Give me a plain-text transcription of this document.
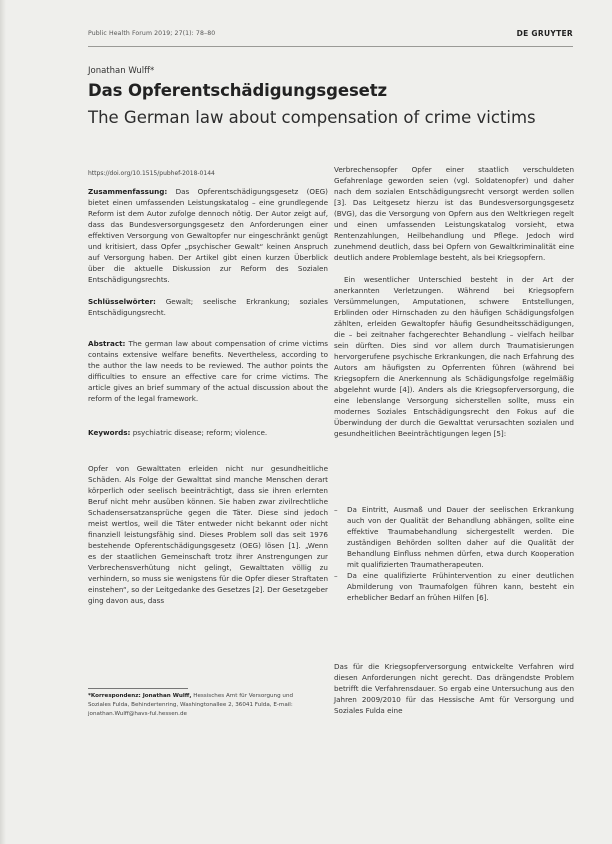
Public Health Forum 2019; 27(1): 78–80	DE GRUYTER
Jonathan Wulff*
Das Opferentschädigungsgesetz
The German law about compensation of crime victims
https://doi.org/10.1515/pubhef-2018-0144

Zusammenfassung: Das Opferentschädigungsgesetz (OEG) bietet einen umfassenden Leistungskatalog – eine grundlegende Reform ist dem Autor zufolge dennoch nötig. Der Autor zeigt auf, dass das Bundesversorgungsgesetz den Anforderungen einer effektiven Versorgung von Gewaltopfer nur eingeschränkt genügt und kritisiert, dass Opfer „psychischer Gewalt“ keinen Anspruch auf Versorgung haben. Der Artikel gibt einen kurzen Überblick über die aktuelle Diskussion zur Reform des Sozialen Entschädigungsrechts.

Schlüsselwörter: Gewalt; seelische Erkrankung; soziales Entschädigungsrecht.

Abstract: The german law about compensation of crime victims contains extensive welfare benefits. Nevertheless, according to the author the law needs to be reviewed. The author points the difficulties to ensure an effective care for crime victims. The article gives an brief summary of the actual discussion about the reform of the legal framework.

Keywords: psychiatric disease; reform; violence.

Opfer von Gewalttaten erleiden nicht nur gesundheitliche Schäden. Als Folge der Gewalttat sind manche Menschen derart körperlich oder seelisch beeinträchtigt, dass sie ihren erlernten Beruf nicht mehr ausüben können. Sie haben zwar zivilrechtliche Schadensersatzansprüche gegen die Täter. Diese sind jedoch meist wertlos, weil die Täter entweder nicht bekannt oder nicht finanziell leistungsfähig sind. Dieses Problem soll das seit 1976 bestehende Opferentschädigungsgesetz (OEG) lösen [1]. „Wenn es der staatlichen Gemeinschaft trotz ihrer Anstrengungen zur Verbrechensverhütung nicht gelingt, Gewalttaten völlig zu verhindern, so muss sie wenigstens für die Opfer dieser Straftaten einstehen“, so der Leitgedanke des Gesetzes [2]. Der Gesetzgeber ging davon aus, dass

*Korrespondenz: Jonathan Wulff, Hessisches Amt für Versorgung und Soziales Fulda, Behindertenring, Washingtonallee 2, 36041 Fulda, E-mail: jonathan.Wulff@havs-ful.hessen.de

Verbrechensopfer Opfer einer staatlich verschuldeten Gefahrenlage geworden seien (vgl. Soldatenopfer) und daher nach dem sozialen Entschädigungsrecht versorgt werden sollen [3]. Das Leitgesetz hierzu ist das Bundesversorgungsgesetz (BVG), das die Versorgung von Opfern aus den Weltkriegen regelt und einen umfassenden Leistungskatalog vorsieht, etwa Rentenzahlungen, Heilbehandlung und Pflege. Jedoch wird zunehmend deutlich, dass bei Opfern von Gewaltkriminalität eine deutlich andere Problemlage besteht, als bei Kriegsopfern.

Ein wesentlicher Unterschied besteht in der Art der anerkannten Verletzungen. Während bei Kriegsopfern Versümmelungen, Amputationen, schwere Entstellungen, Erblinden oder Hirnschaden zu den häufigen Schädigungsfolgen zählten, erleiden Gewaltopfer häufig Gesundheitsschädigungen, die – bei zeitnaher fachgerechter Behandlung – vielfach heilbar sein dürften. Dies sind vor allem durch Traumatisierungen hervorgerufene psychische Erkrankungen, die nach Erfahrung des Autors am häufigsten zu Opferrenten führen (während bei Kriegsopfern die Anerkennung als Schädigungsfolge regelmäßig abgelehnt wurde [4]). Anders als die Kriegsopferversorgung, die eine lebenslange Versorgung sicherstellen sollte, muss ein modernes Soziales Entschädigungsrecht den Fokus auf die Überwindung der durch die Gewalttat verursachten sozialen und gesundheitlichen Beeinträchtigungen legen [5]:

– Da Eintritt, Ausmaß und Dauer der seelischen Erkrankung auch von der Qualität der Behandlung abhängen, sollte eine effektive Traumabehandlung sichergestellt werden. Die zuständigen Behörden sollten daher auf die Qualität der Behandlung Einfluss nehmen dürfen, etwa durch Kooperation mit qualifizierten Traumatherapeuten.

– Da eine qualifizierte Frühintervention zu einer deutlichen Abmilderung von Traumafolgen führen kann, besteht ein erheblicher Bedarf an frühen Hilfen [6].

Das für die Kriegsopferversorgung entwickelte Verfahren wird diesen Anforderungen nicht gerecht. Das drängendste Problem betrifft die Verfahrensdauer. So ergab eine Untersuchung aus den Jahren 2009/2010 für das Hessische Amt für Versorgung und Soziales Fulda eine
